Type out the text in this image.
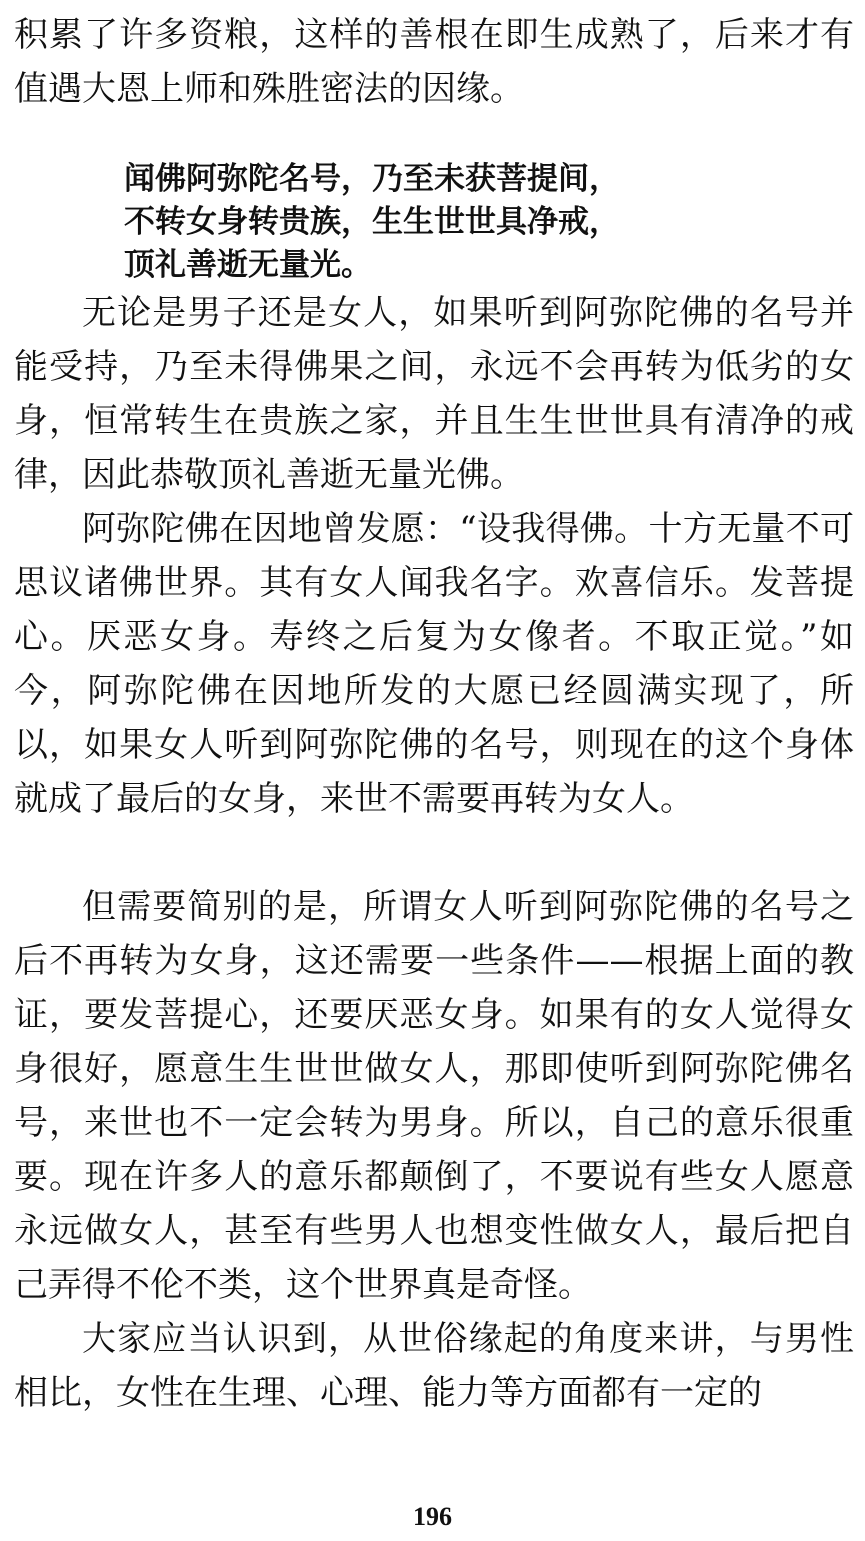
积累了许多资粮，这样的善根在即生成熟了，后来才有值遇大恩上师和殊胜密法的因缘。

闻佛阿弥陀名号，乃至未获菩提间，
不转女身转贵族，生生世世具净戒，
顶礼善逝无量光。

无论是男子还是女人，如果听到阿弥陀佛的名号并能受持，乃至未得佛果之间，永远不会再转为低劣的女身，恒常转生在贵族之家，并且生生世世具有清净的戒律，因此恭敬顶礼善逝无量光佛。

阿弥陀佛在因地曾发愿：“设我得佛。十方无量不可思议诸佛世界。其有女人闻我名字。欢喜信乐。发菩提心。厌恶女身。寿终之后复为女像者。不取正觉。”如今，阿弥陀佛在因地所发的大愿已经圆满实现了，所以，如果女人听到阿弥陀佛的名号，则现在的这个身体就成了最后的女身，来世不需要再转为女人。

但需要简别的是，所谓女人听到阿弥陀佛的名号之后不再转为女身，这还需要一些条件——根据上面的教证，要发菩提心，还要厌恶女身。如果有的女人觉得女身很好，愿意生生世世做女人，那即使听到阿弥陀佛名号，来世也不一定会转为男身。所以，自己的意乐很重要。现在许多人的意乐都颠倒了，不要说有些女人愿意永远做女人，甚至有些男人也想变性做女人，最后把自己弄得不伦不类，这个世界真是奇怪。

大家应当认识到，从世俗缘起的角度来讲，与男性相比，女性在生理、心理、能力等方面都有一定的

196
